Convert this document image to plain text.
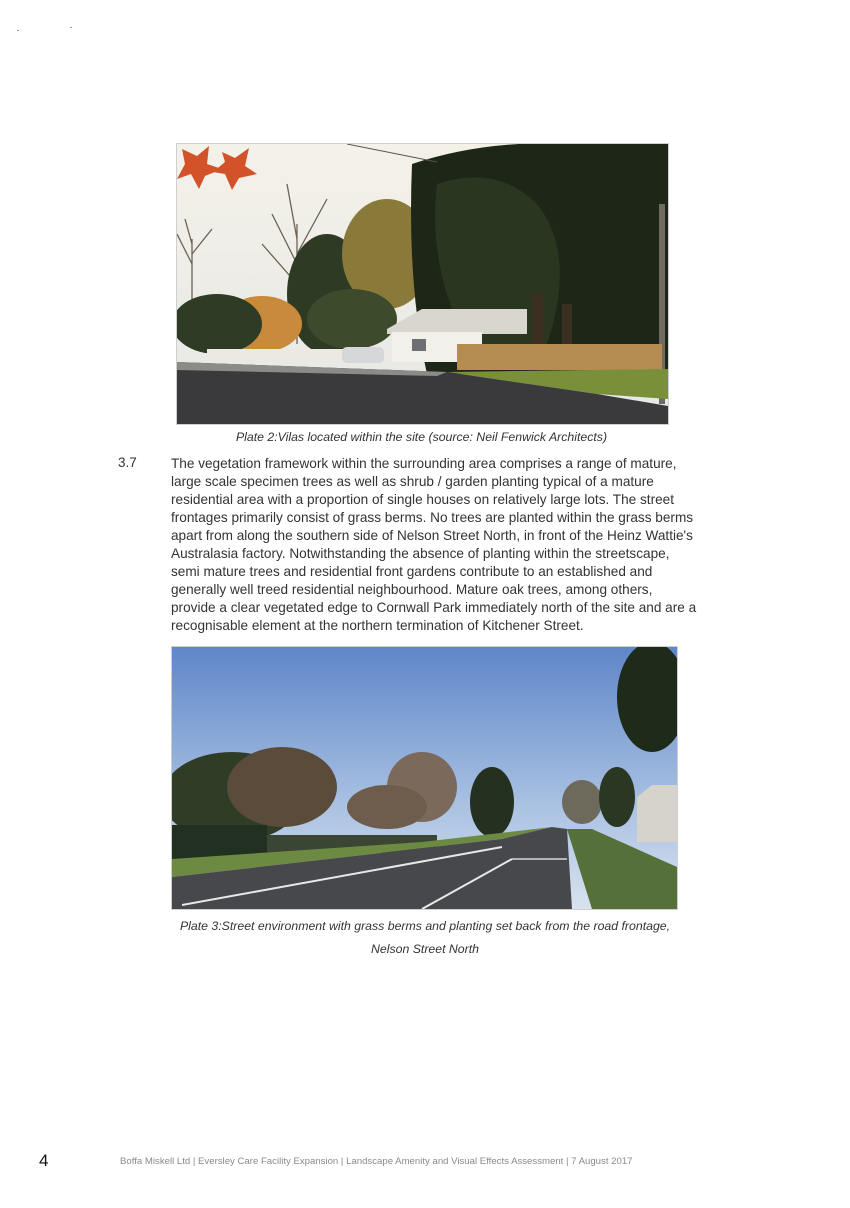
Plate 2:Vilas located within the site (source: Neil Fenwick Architects)
3.7	The vegetation framework within the surrounding area comprises a range of mature,
large scale specimen trees as well as shrub / garden planting typical of a mature
residential area with a proportion of single houses on relatively large lots. The street
frontages primarily consist of grass berms. No trees are planted within the grass berms
apart from along the southern side of Nelson Street North, in front of the Heinz Wattie's
Australasia factory. Notwithstanding the absence of planting within the streetscape,
semi mature trees and residential front gardens contribute to an established and
generally well treed residential neighbourhood. Mature oak trees, among others,
provide a clear vegetated edge to Cornwall Park immediately north of the site and are a
recognisable element at the northern termination of Kitchener Street.
Plate 3:Street environment with grass berms and planting set back from the road frontage,
Nelson Street North
4	Boffa Miskell Ltd | Eversley Care Facility Expansion | Landscape Amenity and Visual Effects Assessment | 7 August 2017
